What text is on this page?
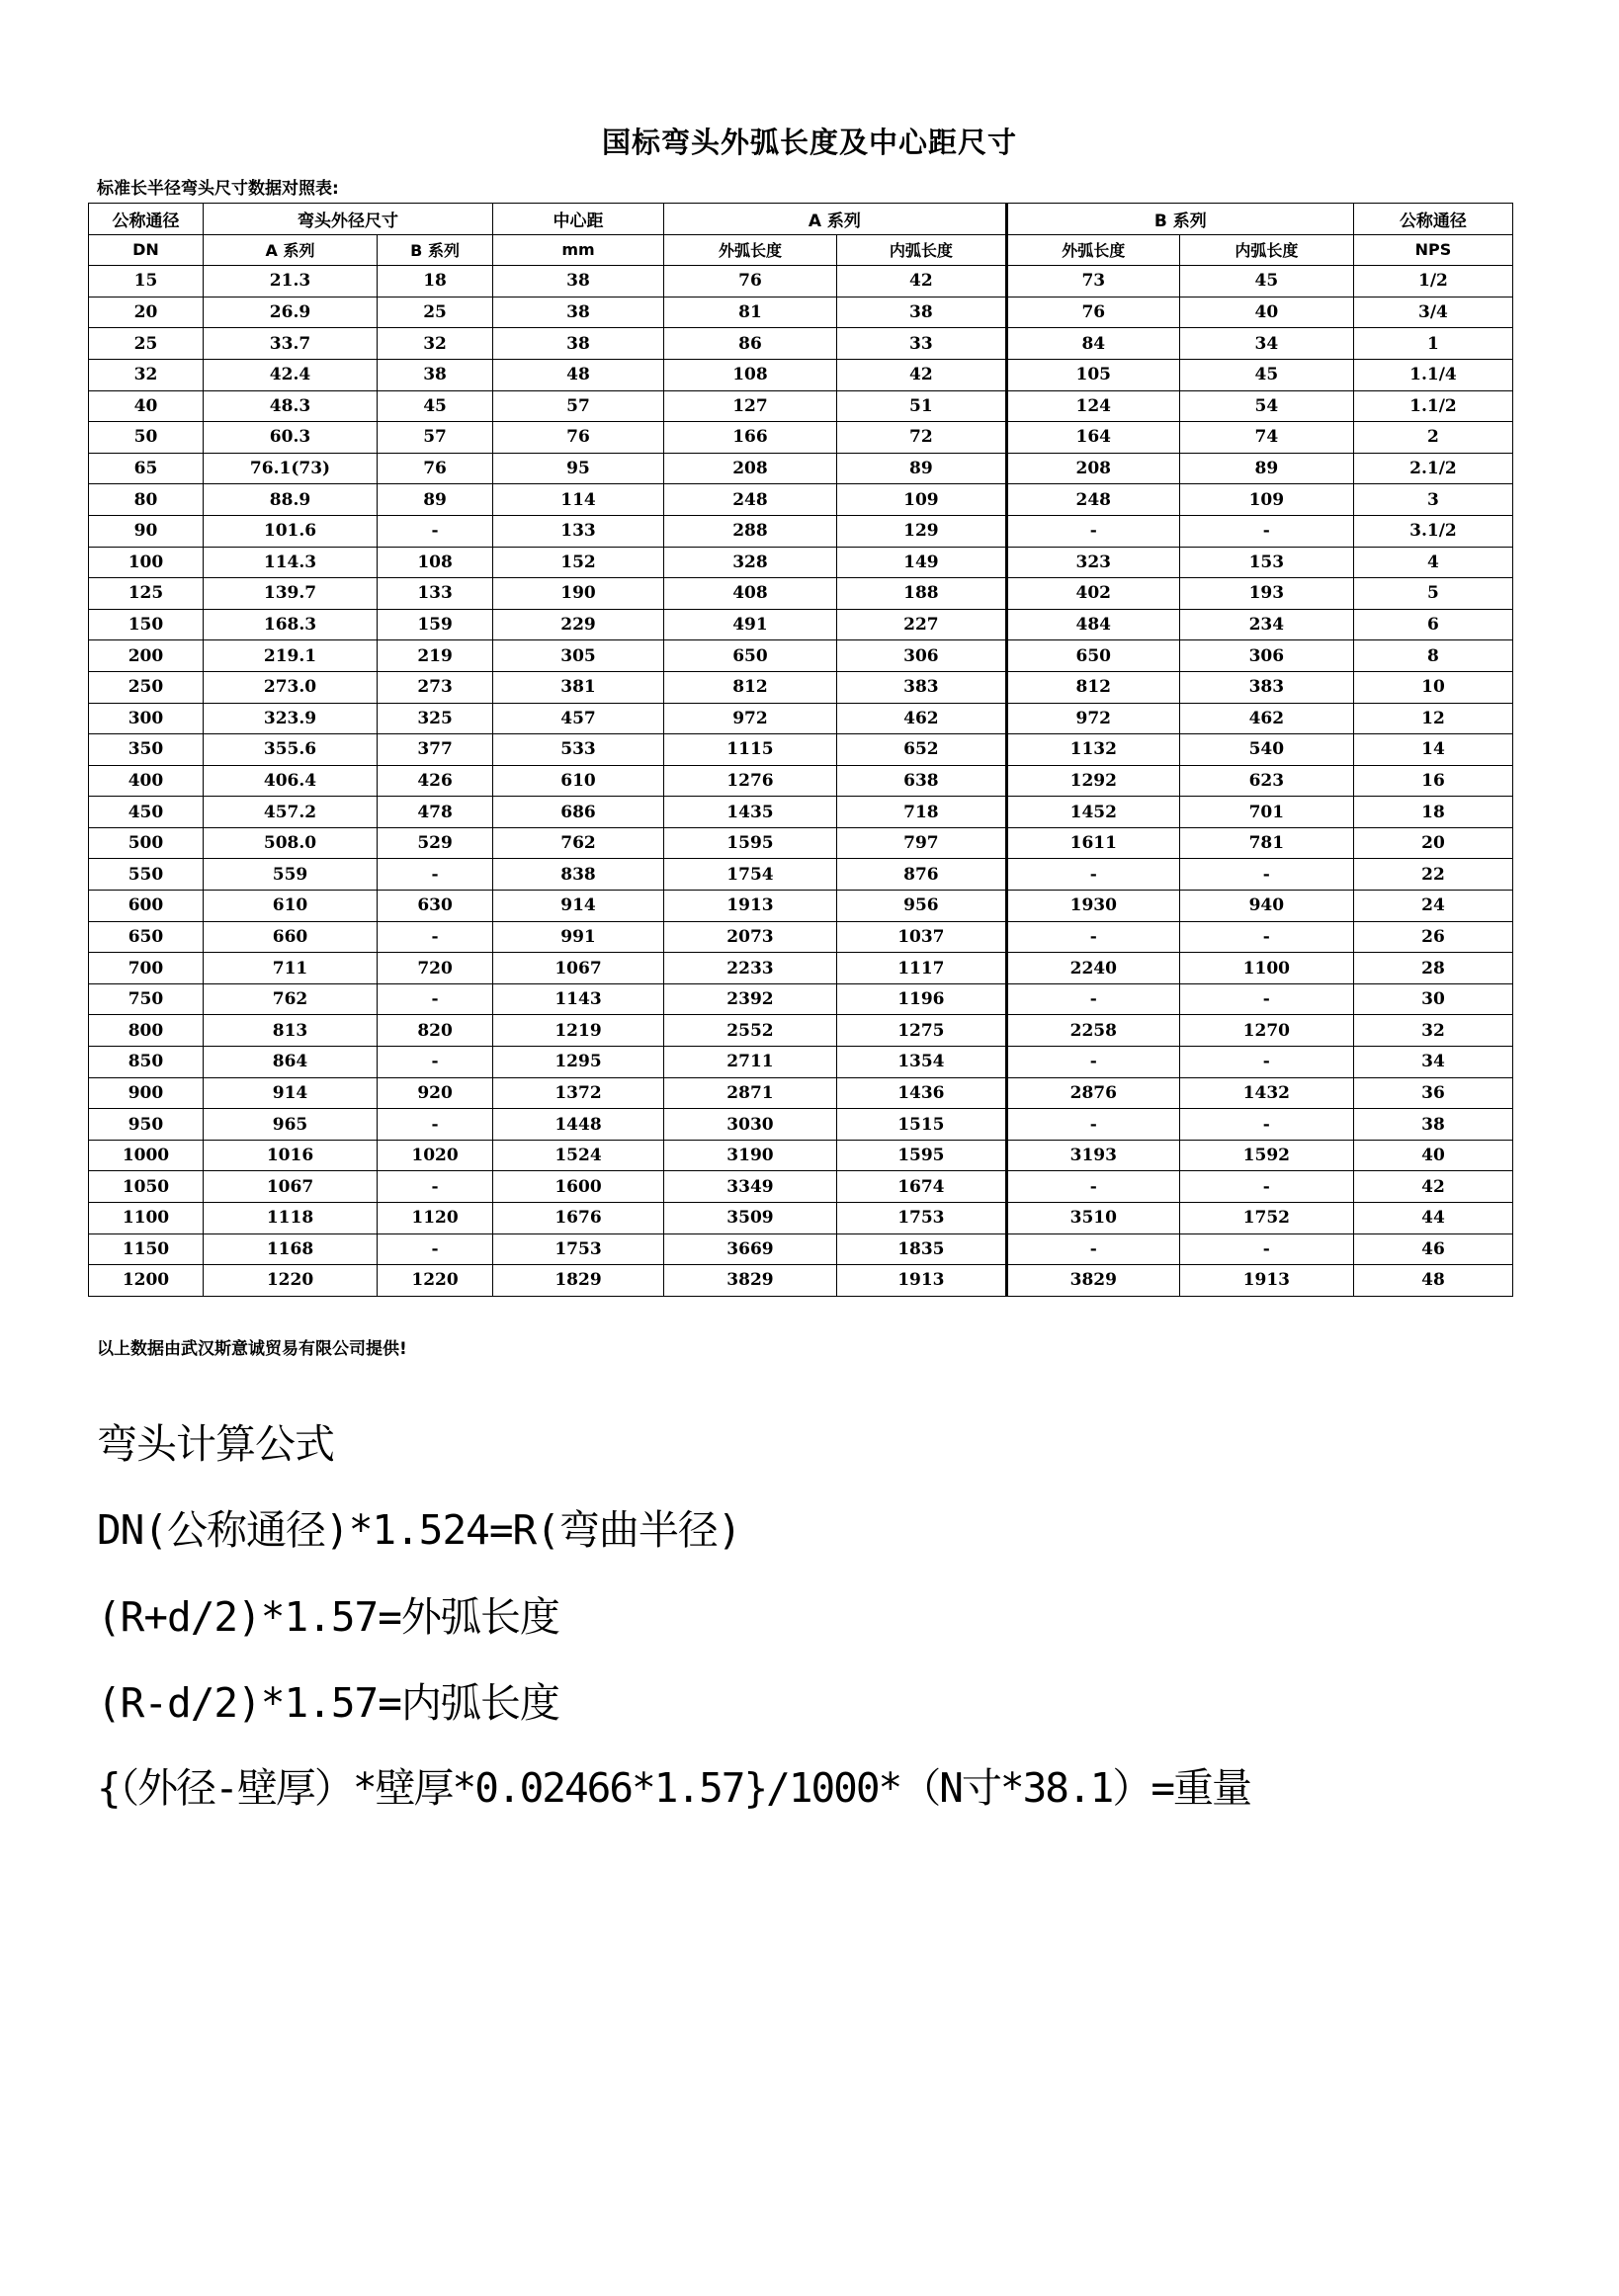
国标弯头外弧长度及中心距尺寸
标准长半径弯头尺寸数据对照表:
公称通径	弯头外径尺寸		中心距	A 系列		B 系列		公称通径
DN	A 系列	B 系列	mm	外弧长度	内弧长度	外弧长度	内弧长度	NPS
15	21.3	18	38	76	42	73	45	1/2
20	26.9	25	38	81	38	76	40	3/4
25	33.7	32	38	86	33	84	34	1
32	42.4	38	48	108	42	105	45	1.1/4
40	48.3	45	57	127	51	124	54	1.1/2
50	60.3	57	76	166	72	164	74	2
65	76.1(73)	76	95	208	89	208	89	2.1/2
80	88.9	89	114	248	109	248	109	3
90	101.6	-	133	288	129	-	-	3.1/2
100	114.3	108	152	328	149	323	153	4
125	139.7	133	190	408	188	402	193	5
150	168.3	159	229	491	227	484	234	6
200	219.1	219	305	650	306	650	306	8
250	273.0	273	381	812	383	812	383	10
300	323.9	325	457	972	462	972	462	12
350	355.6	377	533	1115	652	1132	540	14
400	406.4	426	610	1276	638	1292	623	16
450	457.2	478	686	1435	718	1452	701	18
500	508.0	529	762	1595	797	1611	781	20
550	559	-	838	1754	876	-	-	22
600	610	630	914	1913	956	1930	940	24
650	660	-	991	2073	1037	-	-	26
700	711	720	1067	2233	1117	2240	1100	28
750	762	-	1143	2392	1196	-	-	30
800	813	820	1219	2552	1275	2258	1270	32
850	864	-	1295	2711	1354	-	-	34
900	914	920	1372	2871	1436	2876	1432	36
950	965	-	1448	3030	1515	-	-	38
1000	1016	1020	1524	3190	1595	3193	1592	40
1050	1067	-	1600	3349	1674	-	-	42
1100	1118	1120	1676	3509	1753	3510	1752	44
1150	1168	-	1753	3669	1835	-	-	46
1200	1220	1220	1829	3829	1913	3829	1913	48
以上数据由武汉斯意诚贸易有限公司提供!
弯头计算公式
DN(公称通径)*1.524=R(弯曲半径)
(R+d/2)*1.57=外弧长度
(R-d/2)*1.57=内弧长度
{（外径-壁厚）*壁厚*0.02466*1.57}/1000*（N寸*38.1）=重量
